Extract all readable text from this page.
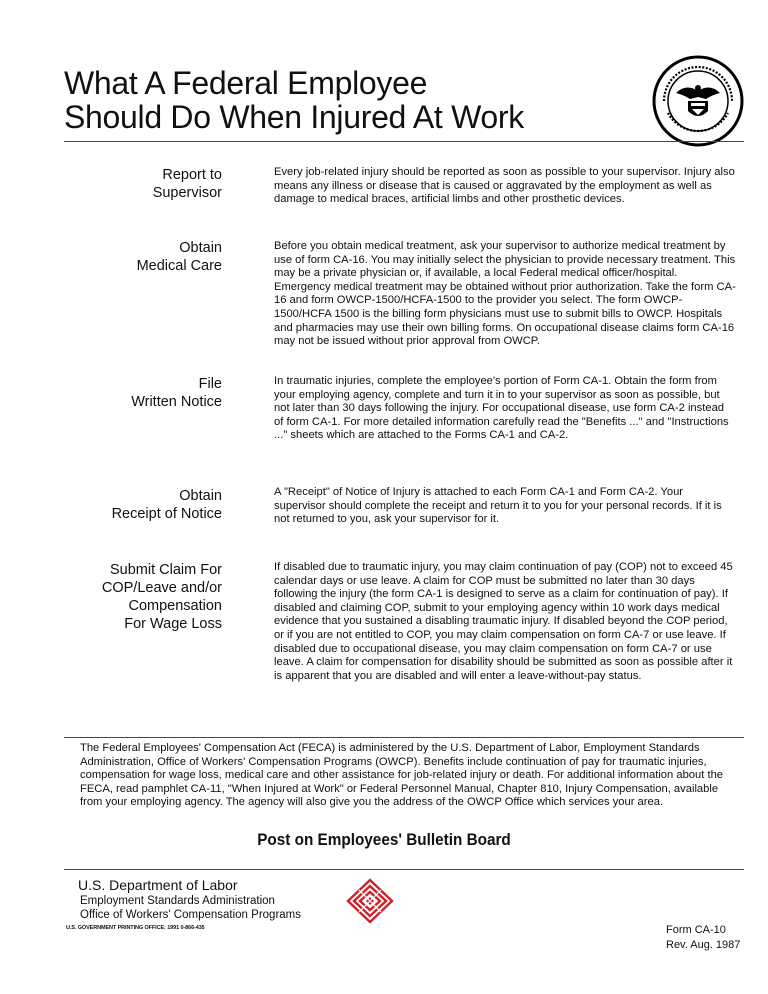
What A Federal Employee
Should Do When Injured At Work
Report to
Supervisor
Every job-related injury should be reported as soon as possible to your supervisor. Injury also means any illness or disease that is caused or aggravated by the employment as well as damage to medical braces, artificial limbs and other prosthetic devices.
Obtain
Medical Care
Before you obtain medical treatment, ask your supervisor to authorize medical treatment by use of form CA-16. You may initially select the physician to provide necessary treatment. This may be a private physician or, if available, a local Federal medical officer/hospital. Emergency medical treatment may be obtained without prior authorization. Take the form CA-16 and form OWCP-1500/HCFA-1500 to the provider you select. The form OWCP-1500/HCFA 1500 is the billing form physicians must use to submit bills to OWCP. Hospitals and pharmacies may use their own billing forms. On occupational disease claims form CA-16 may not be issued without prior approval from OWCP.
File
Written Notice
In traumatic injuries, complete the employee's portion of Form CA-1. Obtain the form from your employing agency, complete and turn it in to your supervisor as soon as possible, but not later than 30 days following the injury. For occupational disease, use form CA-2 instead of form CA-1. For more detailed information carefully read the "Benefits ..." and "Instructions ..." sheets which are attached to the Forms CA-1 and CA-2.
Obtain
Receipt of Notice
A "Receipt" of Notice of Injury is attached to each Form CA-1 and Form CA-2. Your supervisor should complete the receipt and return it to you for your personal records. If it is not returned to you, ask your supervisor for it.
Submit Claim For
COP/Leave and/or
Compensation
For Wage Loss
If disabled due to traumatic injury, you may claim continuation of pay (COP) not to exceed 45 calendar days or use leave. A claim for COP must be submitted no later than 30 days following the injury (the form CA-1 is designed to serve as a claim for continuation of pay). If disabled and claiming COP, submit to your employing agency within 10 work days medical evidence that you sustained a disabling traumatic injury. If disabled beyond the COP period, or if you are not entitled to COP, you may claim compensation on form CA-7 or use leave. If disabled due to occupational disease, you may claim compensation on form CA-7 or use leave. A claim for compensation for disability should be submitted as soon as possible after it is apparent that you are disabled and will enter a leave-without-pay status.
The Federal Employees' Compensation Act (FECA) is administered by the U.S. Department of Labor, Employment Standards Administration, Office of Workers' Compensation Programs (OWCP). Benefits include continuation of pay for traumatic injuries, compensation for wage loss, medical care and other assistance for job-related injury or death. For additional information about the FECA, read pamphlet CA-11, "When Injured at Work" or Federal Personnel Manual, Chapter 810, Injury Compensation, available from your employing agency. The agency will also give you the address of the OWCP Office which services your area.
Post on Employees' Bulletin Board
U.S. Department of Labor
Employment Standards Administration
Office of Workers' Compensation Programs
U.S. GOVERNMENT PRINTING OFFICE: 1991 0-866-435	Form CA-10
Rev. Aug. 1987
